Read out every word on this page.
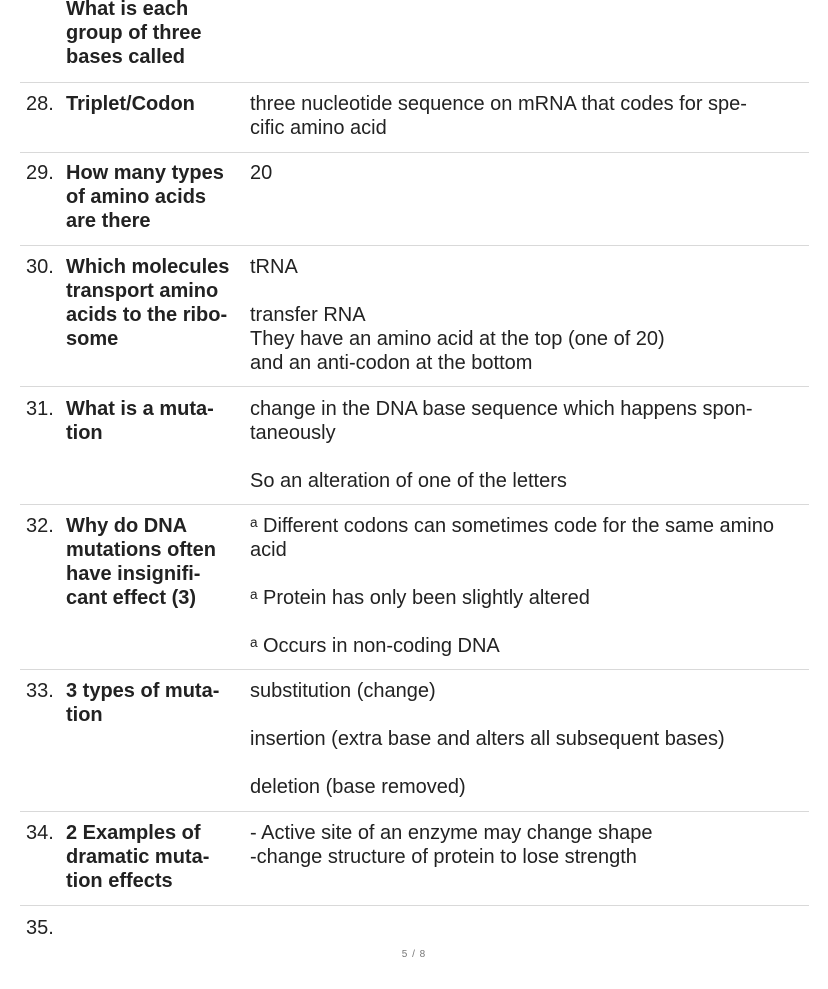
What is each
group of three
bases called
28. Triplet/Codon	three nucleotide sequence on mRNA that codes for spe-
cific amino acid
29. How many types
of amino acids
are there
20
30. Which molecules
transport amino
acids to the ribo-
some
tRNA
transfer RNA
They have an amino acid at the top (one of 20)
and an anti-codon at the bottom
31. What is a muta-
tion
change in the DNA base sequence which happens spon-
taneously
So an alteration of one of the letters
32. Why do DNA
mutations often
have insignifi-
cant effect (3)
ᵃ Different codons can sometimes code for the same amino
acid
ᵃ Protein has only been slightly altered
ᵃ Occurs in non-coding DNA
33. 3 types of muta-
tion
substitution (change)
insertion (extra base and alters all subsequent bases)
deletion (base removed)
34. 2 Examples of
dramatic muta-
tion effects
- Active site of an enzyme may change shape
-change structure of protein to lose strength
35.
5 / 8
